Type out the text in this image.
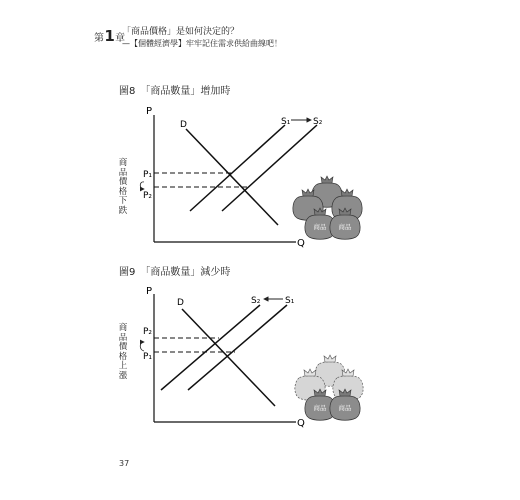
第1章
「商品價格」是如何決定的？
—【個體經濟學】牢牢記住需求供給曲線吧！
圖8　「商品數量」增加時
圖9　「商品數量」減少時
商
品
價
格
下
跌
商
品
價
格
上
漲
P
Q
D	S₁	S₂
P₁
P₂
商品 商品
P
Q
D	S₂	S₁
P₂
P₁
商品 商品
37
